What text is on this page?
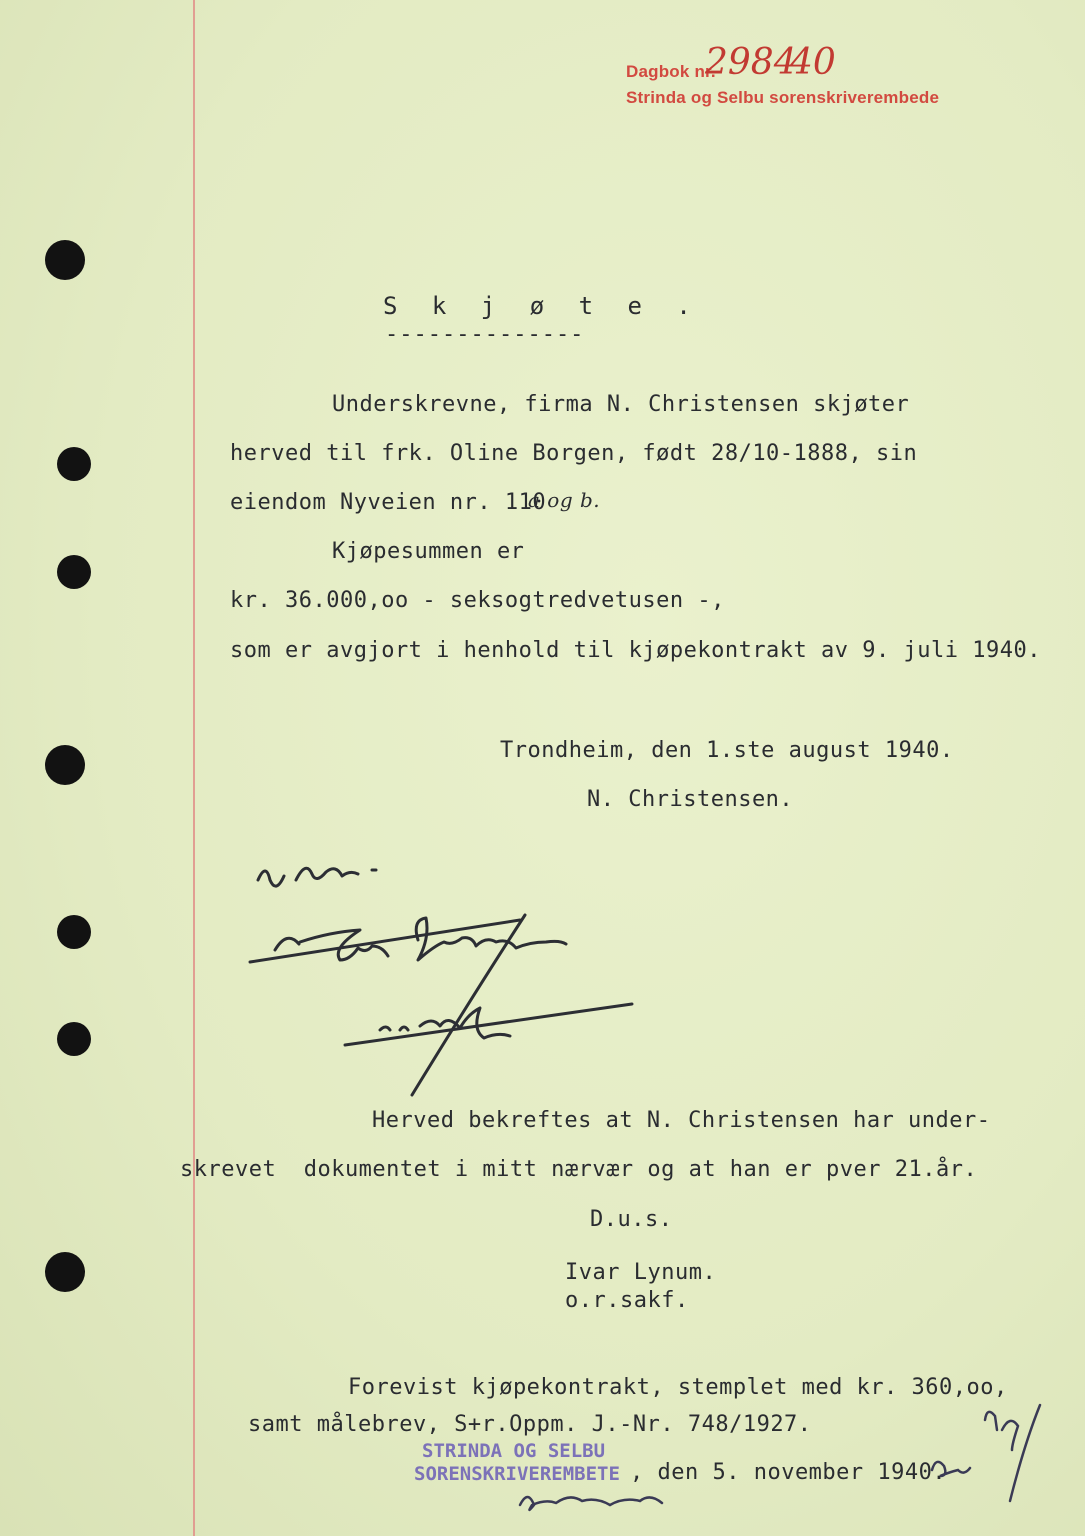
Dagbok nr.
2984
40
Strinda og Selbu sorenskriverembede
S k j ø t e .
--------------
Underskrevne, firma N. Christensen skjøter
herved til frk. Oline Borgen, født 28/10-1888, sin
eiendom Nyveien nr. 110
a og b.
Kjøpesummen er
kr. 36.000,oo - seksogtredvetusen -,
som er avgjort i henhold til kjøpekontrakt av 9. juli 1940.
Trondheim, den 1.ste august 1940.
N. Christensen.
Herved bekreftes at N. Christensen har under-
skrevet  dokumentet i mitt nærvær og at han er pver 21.år.
D.u.s.
Ivar Lynum.
o.r.sakf.
Forevist kjøpekontrakt, stemplet med kr. 360,oo,
samt målebrev, S+r.Oppm. J.-Nr. 748/1927.
STRINDA OG SELBU
SORENSKRIVEREMBETE , den 5. november 1940.
